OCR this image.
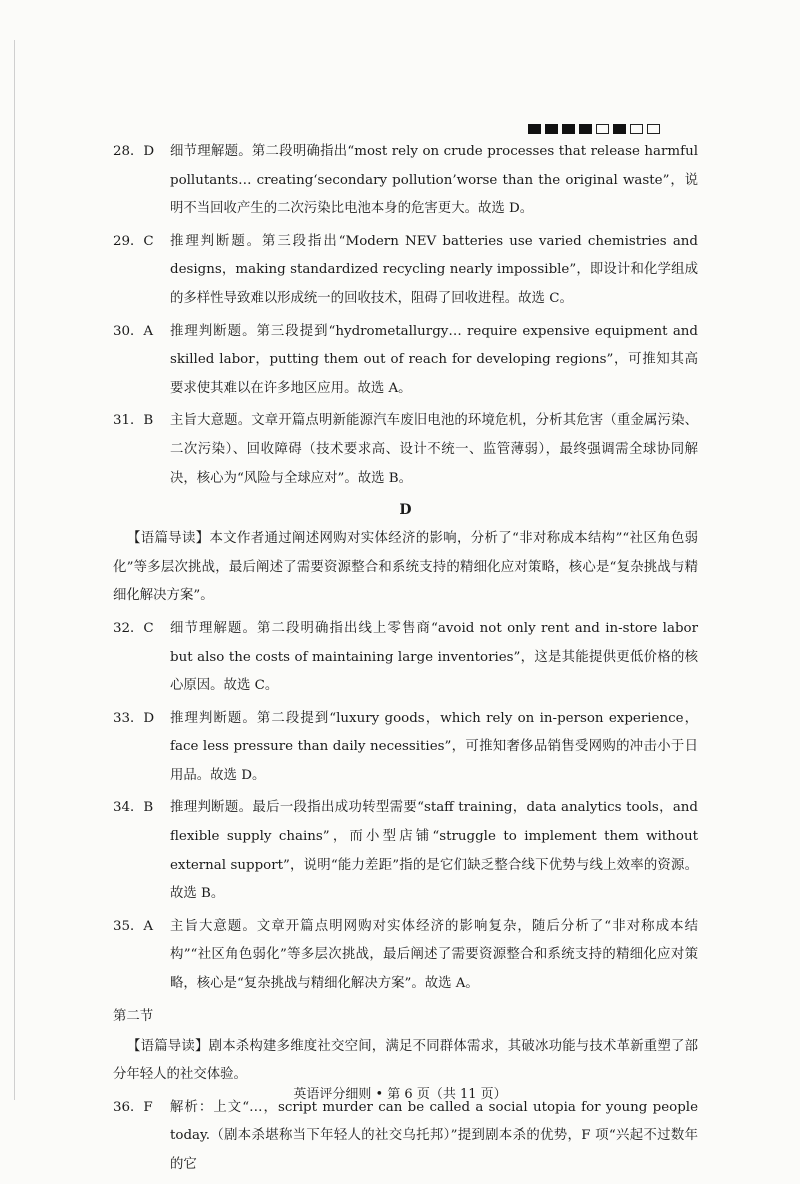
28．D	细节理解题。第二段明确指出“most rely on crude processes that release harmful pollutants… creating‘secondary pollution’worse than the original waste”，说明不当回收产生的二次污染比电池本身的危害更大。故选 D。
29．C	推理判断题。第三段指出“Modern NEV batteries use varied chemistries and designs，making standardized recycling nearly impossible”，即设计和化学组成的多样性导致难以形成统一的回收技术，阻碍了回收进程。故选 C。
30．A	推理判断题。第三段提到“hydrometallurgy… require expensive equipment and skilled labor，putting them out of reach for developing regions”，可推知其高要求使其难以在许多地区应用。故选 A。
31．B	主旨大意题。文章开篇点明新能源汽车废旧电池的环境危机，分析其危害（重金属污染、二次污染）、回收障碍（技术要求高、设计不统一、监管薄弱），最终强调需全球协同解决，核心为“风险与全球应对”。故选 B。
D
【语篇导读】本文作者通过阐述网购对实体经济的影响，分析了“非对称成本结构”“社区角色弱化”等多层次挑战，最后阐述了需要资源整合和系统支持的精细化应对策略，核心是“复杂挑战与精细化解决方案”。
32．C	细节理解题。第二段明确指出线上零售商“avoid not only rent and in-store labor but also the costs of maintaining large inventories”，这是其能提供更低价格的核心原因。故选 C。
33．D	推理判断题。第二段提到“luxury goods，which rely on in-person experience，face less pressure than daily necessities”，可推知奢侈品销售受网购的冲击小于日用品。故选 D。
34．B	推理判断题。最后一段指出成功转型需要“staff training，data analytics tools，and flexible supply chains”，而小型店铺“struggle to implement them without external support”，说明“能力差距”指的是它们缺乏整合线下优势与线上效率的资源。故选 B。
35．A	主旨大意题。文章开篇点明网购对实体经济的影响复杂，随后分析了“非对称成本结构”“社区角色弱化”等多层次挑战，最后阐述了需要资源整合和系统支持的精细化应对策略，核心是“复杂挑战与精细化解决方案”。故选 A。
第二节
【语篇导读】剧本杀构建多维度社交空间，满足不同群体需求，其破冰功能与技术革新重塑了部分年轻人的社交体验。
36．F	解析：上文“…，script murder can be called a social utopia for young people today.（剧本杀堪称当下年轻人的社交乌托邦）”提到剧本杀的优势，F 项“兴起不过数年的它
英语评分细则 • 第 6 页（共 11 页）
